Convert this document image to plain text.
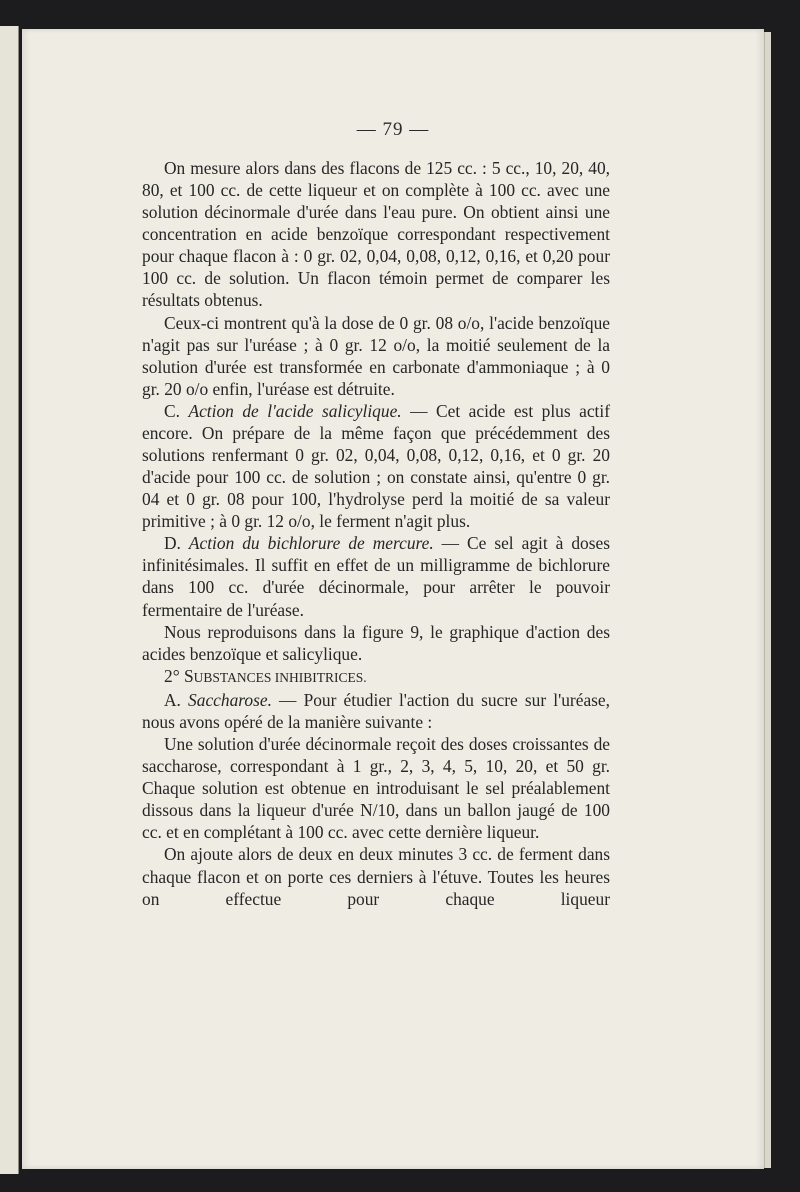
— 79 —

On mesure alors dans des flacons de 125 cc. : 5 cc., 10, 20, 40, 80, et 100 cc. de cette liqueur et on complète à 100 cc. avec une solution décinormale d'urée dans l'eau pure. On obtient ainsi une concentration en acide benzoïque correspondant respectivement pour chaque flacon à : 0 gr. 02, 0,04, 0,08, 0,12, 0,16, et 0,20 pour 100 cc. de solution. Un flacon témoin permet de comparer les résultats obtenus.

Ceux-ci montrent qu'à la dose de 0 gr. 08 o/o, l'acide benzoïque n'agit pas sur l'uréase ; à 0 gr. 12 o/o, la moitié seulement de la solution d'urée est transformée en carbonate d'ammoniaque ; à 0 gr. 20 o/o enfin, l'uréase est détruite.

C. Action de l'acide salicylique. — Cet acide est plus actif encore. On prépare de la même façon que précédemment des solutions renfermant 0 gr. 02, 0,04, 0,08, 0,12, 0,16, et 0 gr. 20 d'acide pour 100 cc. de solution ; on constate ainsi, qu'entre 0 gr. 04 et 0 gr. 08 pour 100, l'hydrolyse perd la moitié de sa valeur primitive ; à 0 gr. 12 o/o, le ferment n'agit plus.

D. Action du bichlorure de mercure. — Ce sel agit à doses infinitésimales. Il suffit en effet de un milligramme de bichlorure dans 100 cc. d'urée décinormale, pour arrêter le pouvoir fermentaire de l'uréase.

Nous reproduisons dans la figure 9, le graphique d'action des acides benzoïque et salicylique.

2° SUBSTANCES INHIBITRICES.

A. Saccharose. — Pour étudier l'action du sucre sur l'uréase, nous avons opéré de la manière suivante :

Une solution d'urée décinormale reçoit des doses croissantes de saccharose, correspondant à 1 gr., 2, 3, 4, 5, 10, 20, et 50 gr. Chaque solution est obtenue en introduisant le sel préalablement dissous dans la liqueur d'urée N/10, dans un ballon jaugé de 100 cc. et en complétant à 100 cc. avec cette dernière liqueur.

On ajoute alors de deux en deux minutes 3 cc. de ferment dans chaque flacon et on porte ces derniers à l'étuve. Toutes les heures on effectue pour chaque liqueur
